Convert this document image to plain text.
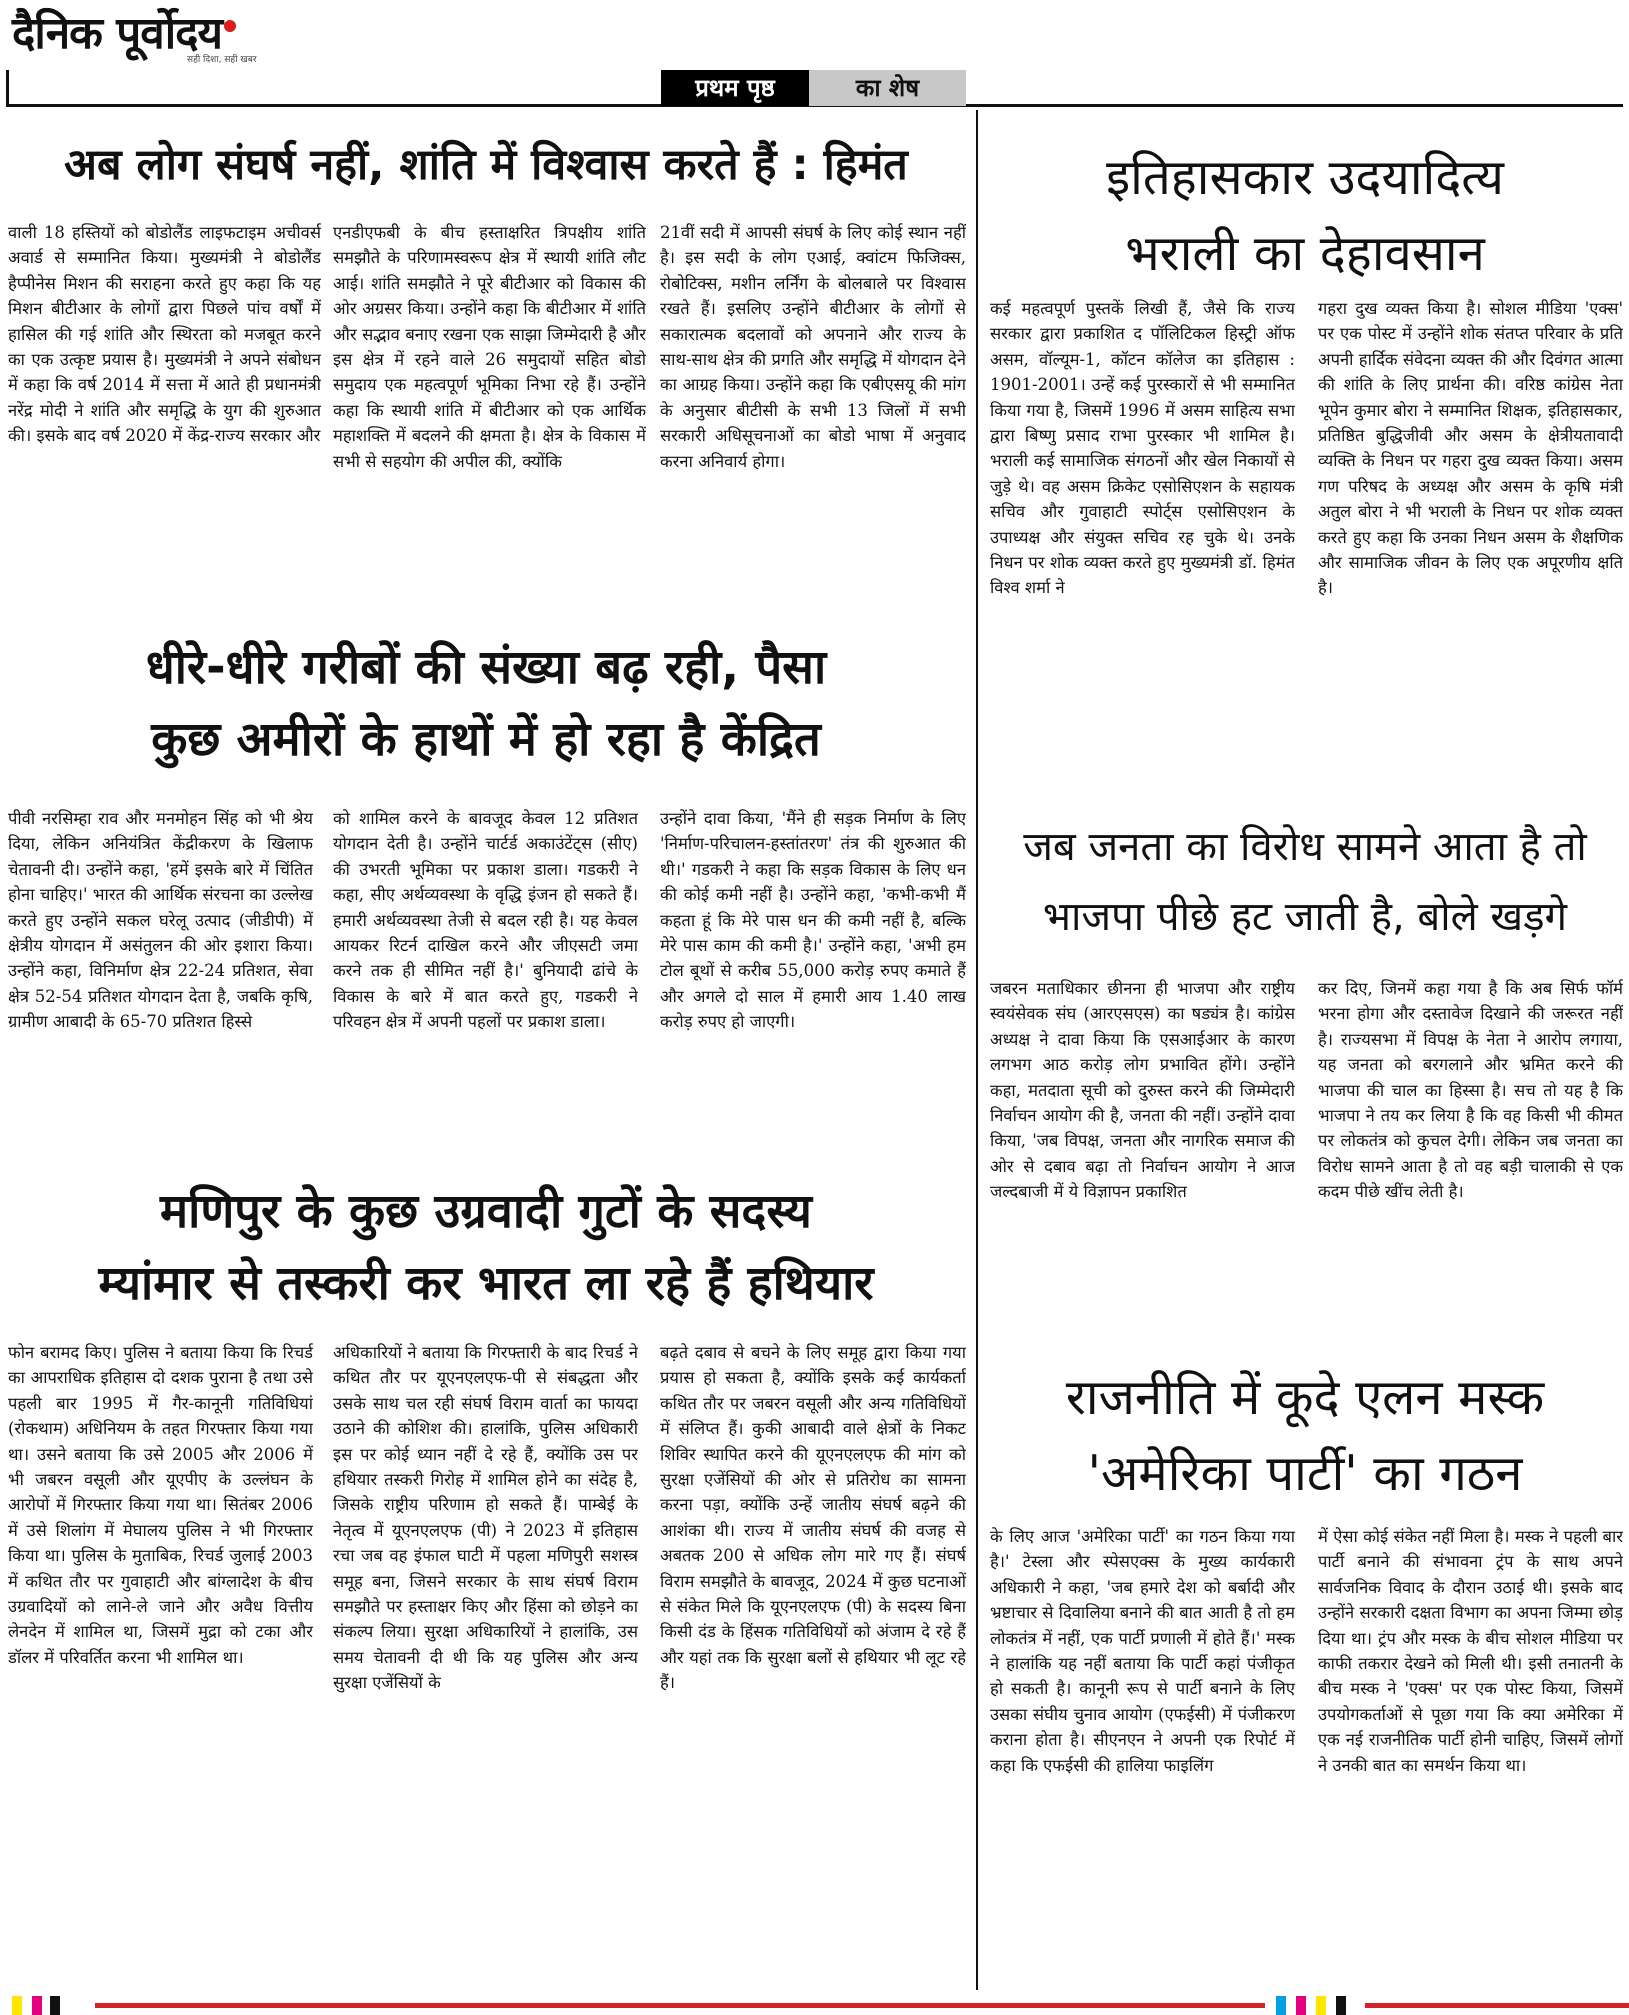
दैनिक पूर्वोदय
सही दिशा, सही खबर
प्रथम पृष्ठ	का शेष
अब लोग संघर्ष नहीं, शांति में विश्वास करते हैं : हिमंत

वाली 18 हस्तियों को बोडोलैंड लाइफटाइम अचीवर्स अवार्ड से सम्मानित किया। मुख्यमंत्री ने बोडोलैंड हैप्पीनेस मिशन की सराहना करते हुए कहा कि यह मिशन बीटीआर के लोगों द्वारा पिछले पांच वर्षों में हासिल की गई शांति और स्थिरता को मजबूत करने का एक उत्कृष्ट प्रयास है। मुख्यमंत्री ने अपने संबोधन में कहा कि वर्ष 2014 में सत्ता में आते ही प्रधानमंत्री नरेंद्र मोदी ने शांति और समृद्धि के युग की शुरुआत की। इसके बाद वर्ष 2020 में केंद्र-राज्य सरकार और

एनडीएफबी के बीच हस्ताक्षरित त्रिपक्षीय शांति समझौते के परिणामस्वरूप क्षेत्र में स्थायी शांति लौट आई। शांति समझौते ने पूरे बीटीआर को विकास की ओर अग्रसर किया। उन्होंने कहा कि बीटीआर में शांति और सद्भाव बनाए रखना एक साझा जिम्मेदारी है और इस क्षेत्र में रहने वाले 26 समुदायों सहित बोडो समुदाय एक महत्वपूर्ण भूमिका निभा रहे हैं। उन्होंने कहा कि स्थायी शांति में बीटीआर को एक आर्थिक महाशक्ति में बदलने की क्षमता है। क्षेत्र के विकास में सभी से सहयोग की अपील की, क्योंकि

21वीं सदी में आपसी संघर्ष के लिए कोई स्थान नहीं है। इस सदी के लोग एआई, क्वांटम फिजिक्स, रोबोटिक्स, मशीन लर्निंग के बोलबाले पर विश्वास रखते हैं। इसलिए उन्होंने बीटीआर के लोगों से सकारात्मक बदलावों को अपनाने और राज्य के साथ-साथ क्षेत्र की प्रगति और समृद्धि में योगदान देने का आग्रह किया। उन्होंने कहा कि एबीएसयू की मांग के अनुसार बीटीसी के सभी 13 जिलों में सभी सरकारी अधिसूचनाओं का बोडो भाषा में अनुवाद करना अनिवार्य होगा।

धीरे-धीरे गरीबों की संख्या बढ़ रही, पैसा
कुछ अमीरों के हाथों में हो रहा है केंद्रित

पीवी नरसिम्हा राव और मनमोहन सिंह को भी श्रेय दिया, लेकिन अनियंत्रित केंद्रीकरण के खिलाफ चेतावनी दी। उन्होंने कहा, 'हमें इसके बारे में चिंतित होना चाहिए।' भारत की आर्थिक संरचना का उल्लेख करते हुए उन्होंने सकल घरेलू उत्पाद (जीडीपी) में क्षेत्रीय योगदान में असंतुलन की ओर इशारा किया। उन्होंने कहा, विनिर्माण क्षेत्र 22-24 प्रतिशत, सेवा क्षेत्र 52-54 प्रतिशत योगदान देता है, जबकि कृषि, ग्रामीण आबादी के 65-70 प्रतिशत हिस्से

को शामिल करने के बावजूद केवल 12 प्रतिशत योगदान देती है। उन्होंने चार्टर्ड अकाउंटेंट्स (सीए) की उभरती भूमिका पर प्रकाश डाला। गडकरी ने कहा, सीए अर्थव्यवस्था के वृद्धि इंजन हो सकते हैं। हमारी अर्थव्यवस्था तेजी से बदल रही है। यह केवल आयकर रिटर्न दाखिल करने और जीएसटी जमा करने तक ही सीमित नहीं है।' बुनियादी ढांचे के विकास के बारे में बात करते हुए, गडकरी ने परिवहन क्षेत्र में अपनी पहलों पर प्रकाश डाला।

उन्होंने दावा किया, 'मैंने ही सड़क निर्माण के लिए 'निर्माण-परिचालन-हस्तांतरण' तंत्र की शुरुआत की थी।' गडकरी ने कहा कि सड़क विकास के लिए धन की कोई कमी नहीं है। उन्होंने कहा, 'कभी-कभी मैं कहता हूं कि मेरे पास धन की कमी नहीं है, बल्कि मेरे पास काम की कमी है।' उन्होंने कहा, 'अभी हम टोल बूथों से करीब 55,000 करोड़ रुपए कमाते हैं और अगले दो साल में हमारी आय 1.40 लाख करोड़ रुपए हो जाएगी।

मणिपुर के कुछ उग्रवादी गुटों के सदस्य
म्यांमार से तस्करी कर भारत ला रहे हैं हथियार

फोन बरामद किए। पुलिस ने बताया किया कि रिचर्ड का आपराधिक इतिहास दो दशक पुराना है तथा उसे पहली बार 1995 में गैर-कानूनी गतिविधियां (रोकथाम) अधिनियम के तहत गिरफ्तार किया गया था। उसने बताया कि उसे 2005 और 2006 में भी जबरन वसूली और यूएपीए के उल्लंघन के आरोपों में गिरफ्तार किया गया था। सितंबर 2006 में उसे शिलांग में मेघालय पुलिस ने भी गिरफ्तार किया था। पुलिस के मुताबिक, रिचर्ड जुलाई 2003 में कथित तौर पर गुवाहाटी और बांग्लादेश के बीच उग्रवादियों को लाने-ले जाने और अवैध वित्तीय लेनदेन में शामिल था, जिसमें मुद्रा को टका और डॉलर में परिवर्तित करना भी शामिल था।

अधिकारियों ने बताया कि गिरफ्तारी के बाद रिचर्ड ने कथित तौर पर यूएनएलएफ-पी से संबद्धता और उसके साथ चल रही संघर्ष विराम वार्ता का फायदा उठाने की कोशिश की। हालांकि, पुलिस अधिकारी इस पर कोई ध्यान नहीं दे रहे हैं, क्योंकि उस पर हथियार तस्करी गिरोह में शामिल होने का संदेह है, जिसके राष्ट्रीय परिणाम हो सकते हैं। पाम्बेई के नेतृत्व में यूएनएलएफ (पी) ने 2023 में इतिहास रचा जब वह इंफाल घाटी में पहला मणिपुरी सशस्त्र समूह बना, जिसने सरकार के साथ संघर्ष विराम समझौते पर हस्ताक्षर किए और हिंसा को छोड़ने का संकल्प लिया। सुरक्षा अधिकारियों ने हालांकि, उस समय चेतावनी दी थी कि यह पुलिस और अन्य सुरक्षा एजेंसियों के

बढ़ते दबाव से बचने के लिए समूह द्वारा किया गया प्रयास हो सकता है, क्योंकि इसके कई कार्यकर्ता कथित तौर पर जबरन वसूली और अन्य गतिविधियों में संलिप्त हैं। कुकी आबादी वाले क्षेत्रों के निकट शिविर स्थापित करने की यूएनएलएफ की मांग को सुरक्षा एजेंसियों की ओर से प्रतिरोध का सामना करना पड़ा, क्योंकि उन्हें जातीय संघर्ष बढ़ने की आशंका थी। राज्य में जातीय संघर्ष की वजह से अबतक 200 से अधिक लोग मारे गए हैं। संघर्ष विराम समझौते के बावजूद, 2024 में कुछ घटनाओं से संकेत मिले कि यूएनएलएफ (पी) के सदस्य बिना किसी दंड के हिंसक गतिविधियों को अंजाम दे रहे हैं और यहां तक कि सुरक्षा बलों से हथियार भी लूट रहे हैं।

इतिहासकार उदयादित्य
भराली का देहावसान

कई महत्वपूर्ण पुस्तकें लिखी हैं, जैसे कि राज्य सरकार द्वारा प्रकाशित द पॉलिटिकल हिस्ट्री ऑफ असम, वॉल्यूम-1, कॉटन कॉलेज का इतिहास : 1901-2001। उन्हें कई पुरस्कारों से भी सम्मानित किया गया है, जिसमें 1996 में असम साहित्य सभा द्वारा बिष्णु प्रसाद राभा पुरस्कार भी शामिल है। भराली कई सामाजिक संगठनों और खेल निकायों से जुड़े थे। वह असम क्रिकेट एसोसिएशन के सहायक सचिव और गुवाहाटी स्पोर्ट्स एसोसिएशन के उपाध्यक्ष और संयुक्त सचिव रह चुके थे। उनके निधन पर शोक व्यक्त करते हुए मुख्यमंत्री डॉ. हिमंत विश्व शर्मा ने

गहरा दुख व्यक्त किया है। सोशल मीडिया 'एक्स' पर एक पोस्ट में उन्होंने शोक संतप्त परिवार के प्रति अपनी हार्दिक संवेदना व्यक्त की और दिवंगत आत्मा की शांति के लिए प्रार्थना की। वरिष्ठ कांग्रेस नेता भूपेन कुमार बोरा ने सम्मानित शिक्षक, इतिहासकार, प्रतिष्ठित बुद्धिजीवी और असम के क्षेत्रीयतावादी व्यक्ति के निधन पर गहरा दुख व्यक्त किया। असम गण परिषद के अध्यक्ष और असम के कृषि मंत्री अतुल बोरा ने भी भराली के निधन पर शोक व्यक्त करते हुए कहा कि उनका निधन असम के शैक्षणिक और सामाजिक जीवन के लिए एक अपूरणीय क्षति है।

जब जनता का विरोध सामने आता है तो
भाजपा पीछे हट जाती है, बोले खड़गे

जबरन मताधिकार छीनना ही भाजपा और राष्ट्रीय स्वयंसेवक संघ (आरएसएस) का षड्यंत्र है। कांग्रेस अध्यक्ष ने दावा किया कि एसआईआर के कारण लगभग आठ करोड़ लोग प्रभावित होंगे। उन्होंने कहा, मतदाता सूची को दुरुस्त करने की जिम्मेदारी निर्वाचन आयोग की है, जनता की नहीं। उन्होंने दावा किया, 'जब विपक्ष, जनता और नागरिक समाज की ओर से दबाव बढ़ा तो निर्वाचन आयोग ने आज जल्दबाजी में ये विज्ञापन प्रकाशित

कर दिए, जिनमें कहा गया है कि अब सिर्फ फॉर्म भरना होगा और दस्तावेज दिखाने की जरूरत नहीं है। राज्यसभा में विपक्ष के नेता ने आरोप लगाया, यह जनता को बरगलाने और भ्रमित करने की भाजपा की चाल का हिस्सा है। सच तो यह है कि भाजपा ने तय कर लिया है कि वह किसी भी कीमत पर लोकतंत्र को कुचल देगी। लेकिन जब जनता का विरोध सामने आता है तो वह बड़ी चालाकी से एक कदम पीछे खींच लेती है।

राजनीति में कूदे एलन मस्क
'अमेरिका पार्टी' का गठन

के लिए आज 'अमेरिका पार्टी' का गठन किया गया है।' टेस्ला और स्पेसएक्स के मुख्य कार्यकारी अधिकारी ने कहा, 'जब हमारे देश को बर्बादी और भ्रष्टाचार से दिवालिया बनाने की बात आती है तो हम लोकतंत्र में नहीं, एक पार्टी प्रणाली में होते हैं।' मस्क ने हालांकि यह नहीं बताया कि पार्टी कहां पंजीकृत हो सकती है। कानूनी रूप से पार्टी बनाने के लिए उसका संघीय चुनाव आयोग (एफईसी) में पंजीकरण कराना होता है। सीएनएन ने अपनी एक रिपोर्ट में कहा कि एफईसी की हालिया फाइलिंग

में ऐसा कोई संकेत नहीं मिला है। मस्क ने पहली बार पार्टी बनाने की संभावना ट्रंप के साथ अपने सार्वजनिक विवाद के दौरान उठाई थी। इसके बाद उन्होंने सरकारी दक्षता विभाग का अपना जिम्मा छोड़ दिया था। ट्रंप और मस्क के बीच सोशल मीडिया पर काफी तकरार देखने को मिली थी। इसी तनातनी के बीच मस्क ने 'एक्स' पर एक पोस्ट किया, जिसमें उपयोगकर्ताओं से पूछा गया कि क्या अमेरिका में एक नई राजनीतिक पार्टी होनी चाहिए, जिसमें लोगों ने उनकी बात का समर्थन किया था।
